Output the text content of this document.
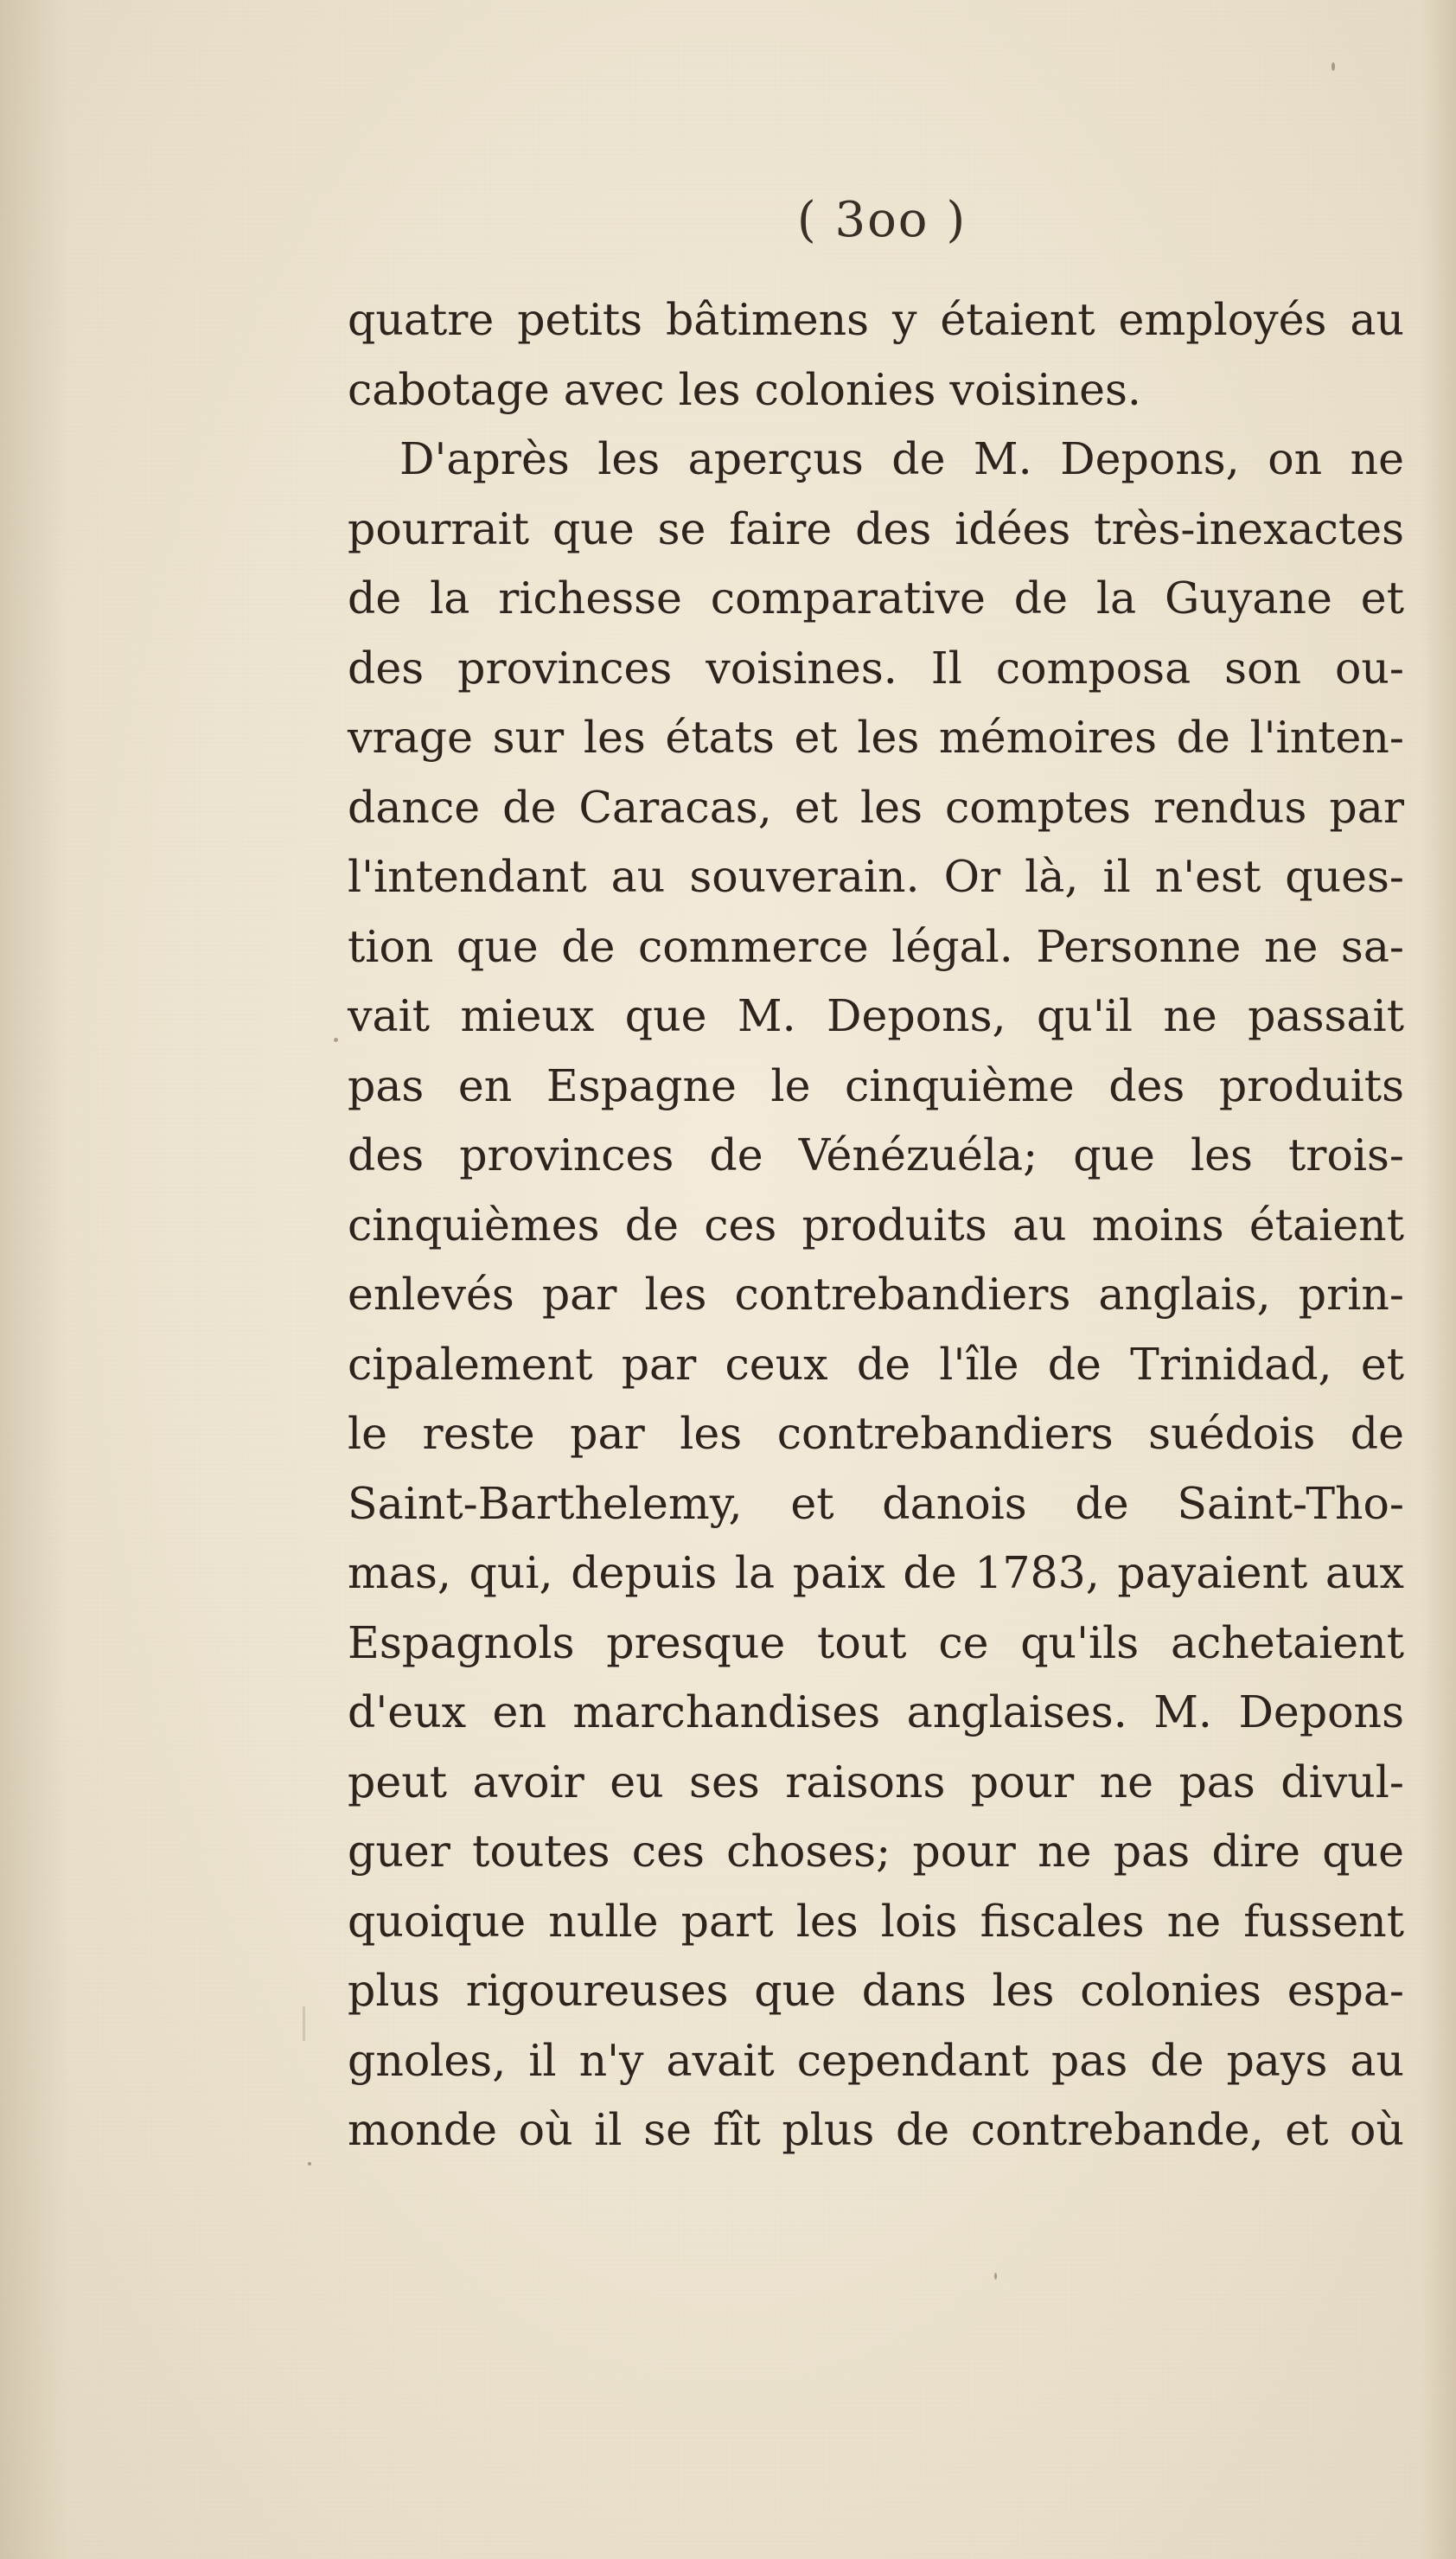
( 3oo )
quatre petits bâtimens y étaient employés au
cabotage avec les colonies voisines.
D'après les aperçus de M. Depons, on ne
pourrait que se faire des idées très-inexactes
de la richesse comparative de la Guyane et
des provinces voisines. Il composa son ou-
vrage sur les états et les mémoires de l'inten-
dance de Caracas, et les comptes rendus par
l'intendant au souverain. Or là, il n'est ques-
tion que de commerce légal. Personne ne sa-
vait mieux que M. Depons, qu'il ne passait
pas en Espagne le cinquième des produits
des provinces de Vénézuéla; que les trois-
cinquièmes de ces produits au moins étaient
enlevés par les contrebandiers anglais, prin-
cipalement par ceux de l'île de Trinidad, et
le reste par les contrebandiers suédois de
Saint-Barthelemy, et danois de Saint-Tho-
mas, qui, depuis la paix de 1783, payaient aux
Espagnols presque tout ce qu'ils achetaient
d'eux en marchandises anglaises. M. Depons
peut avoir eu ses raisons pour ne pas divul-
guer toutes ces choses; pour ne pas dire que
quoique nulle part les lois fiscales ne fussent
plus rigoureuses que dans les colonies espa-
gnoles, il n'y avait cependant pas de pays au
monde où il se fît plus de contrebande, et où
